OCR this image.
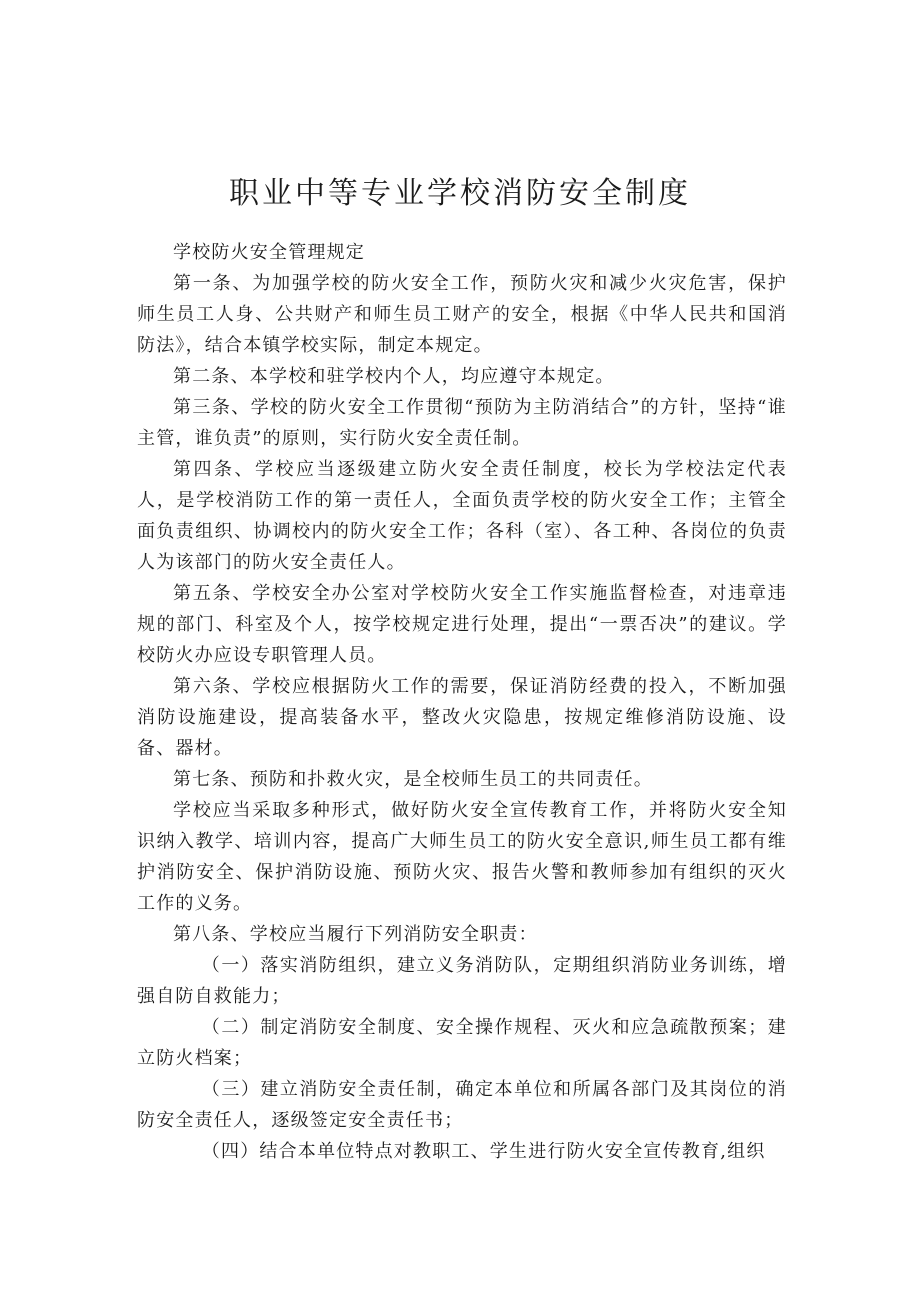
职业中等专业学校消防安全制度

学校防火安全管理规定

第一条、为加强学校的防火安全工作，预防火灾和减少火灾危害，保护师生员工人身、公共财产和师生员工财产的安全，根据《中华人民共和国消防法》，结合本镇学校实际，制定本规定。

第二条、本学校和驻学校内个人，均应遵守本规定。

第三条、学校的防火安全工作贯彻“预防为主防消结合”的方针，坚持“谁主管，谁负责”的原则，实行防火安全责任制。

第四条、学校应当逐级建立防火安全责任制度，校长为学校法定代表人，是学校消防工作的第一责任人，全面负责学校的防火安全工作；主管全面负责组织、协调校内的防火安全工作；各科（室）、各工种、各岗位的负责人为该部门的防火安全责任人。

第五条、学校安全办公室对学校防火安全工作实施监督检查，对违章违规的部门、科室及个人，按学校规定进行处理，提出“一票否决”的建议。学校防火办应设专职管理人员。

第六条、学校应根据防火工作的需要，保证消防经费的投入，不断加强消防设施建设，提高装备水平，整改火灾隐患，按规定维修消防设施、设备、器材。

第七条、预防和扑救火灾，是全校师生员工的共同责任。

学校应当采取多种形式，做好防火安全宣传教育工作，并将防火安全知识纳入教学、培训内容，提高广大师生员工的防火安全意识,师生员工都有维护消防安全、保护消防设施、预防火灾、报告火警和教师参加有组织的灭火工作的义务。

第八条、学校应当履行下列消防安全职责：

（一）落实消防组织，建立义务消防队，定期组织消防业务训练，增强自防自救能力；

（二）制定消防安全制度、安全操作规程、灭火和应急疏散预案；建立防火档案；

（三）建立消防安全责任制，确定本单位和所属各部门及其岗位的消防安全责任人，逐级签定安全责任书；

（四）结合本单位特点对教职工、学生进行防火安全宣传教育,组织
